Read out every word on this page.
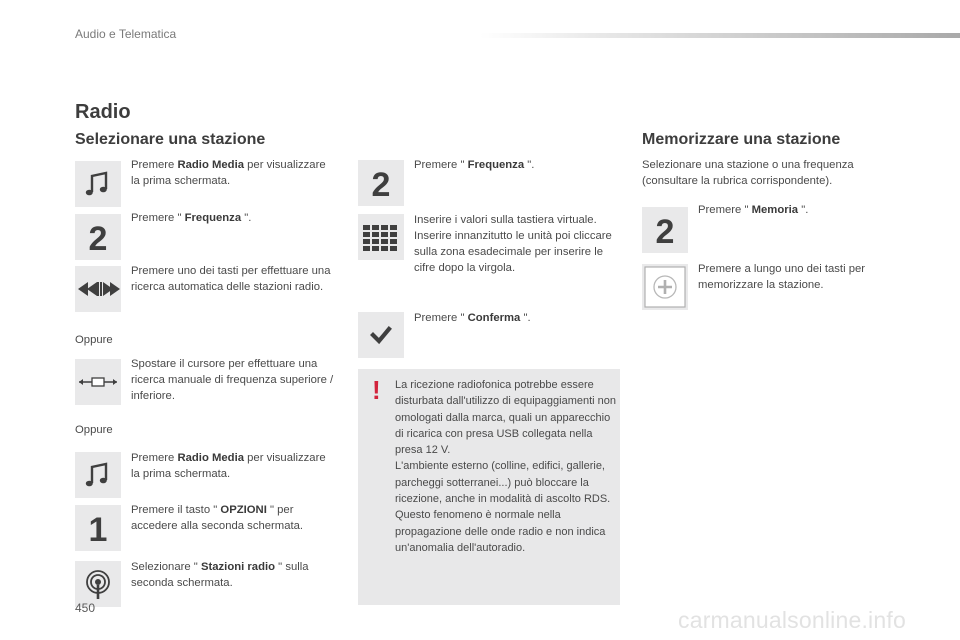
Audio e Telematica
Radio
Selezionare una stazione
Premere Radio Media per visualizzare la prima schermata.
2
Premere " Frequenza ".
Premere uno dei tasti per effettuare una ricerca automatica delle stazioni radio.
Oppure
Spostare il cursore per effettuare una ricerca manuale di frequenza superiore / inferiore.
Oppure
Premere Radio Media per visualizzare la prima schermata.
1
Premere il tasto " OPZIONI " per accedere alla seconda schermata.
Selezionare " Stazioni radio " sulla seconda schermata.
2
Premere " Frequenza ".
Inserire i valori sulla tastiera virtuale. Inserire innanzitutto le unità poi cliccare sulla zona esadecimale per inserire le cifre dopo la virgola.
Premere " Conferma ".
! La ricezione radiofonica potrebbe essere disturbata dall'utilizzo di equipaggiamenti non omologati dalla marca, quali un apparecchio di ricarica con presa USB collegata nella presa 12 V.
L'ambiente esterno (colline, edifici, gallerie, parcheggi sotterranei...) può bloccare la ricezione, anche in modalità di ascolto RDS. Questo fenomeno è normale nella propagazione delle onde radio e non indica un'anomalia dell'autoradio.
Memorizzare una stazione
Selezionare una stazione o una frequenza (consultare la rubrica corrispondente).
2
Premere " Memoria ".
Premere a lungo uno dei tasti per memorizzare la stazione.
450	carmanualsonline.info
